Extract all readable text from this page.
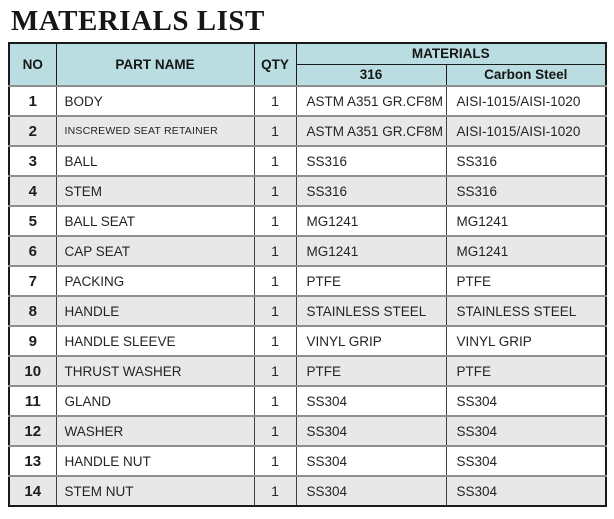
MATERIALS LIST
NO	PART NAME	QTY	MATERIALS	
			316	Carbon Steel
1	BODY	1	ASTM A351 GR.CF8M	AISI-1015/AISI-1020
2	INSCREWED SEAT RETAINER	1	ASTM A351 GR.CF8M	AISI-1015/AISI-1020
3	BALL	1	SS316	SS316
4	STEM	1	SS316	SS316
5	BALL SEAT	1	MG1241	MG1241
6	CAP SEAT	1	MG1241	MG1241
7	PACKING	1	PTFE	PTFE
8	HANDLE	1	STAINLESS STEEL	STAINLESS STEEL
9	HANDLE SLEEVE	1	VINYL GRIP	VINYL GRIP
10	THRUST WASHER	1	PTFE	PTFE
11	GLAND	1	SS304	SS304
12	WASHER	1	SS304	SS304
13	HANDLE NUT	1	SS304	SS304
14	STEM NUT	1	SS304	SS304
